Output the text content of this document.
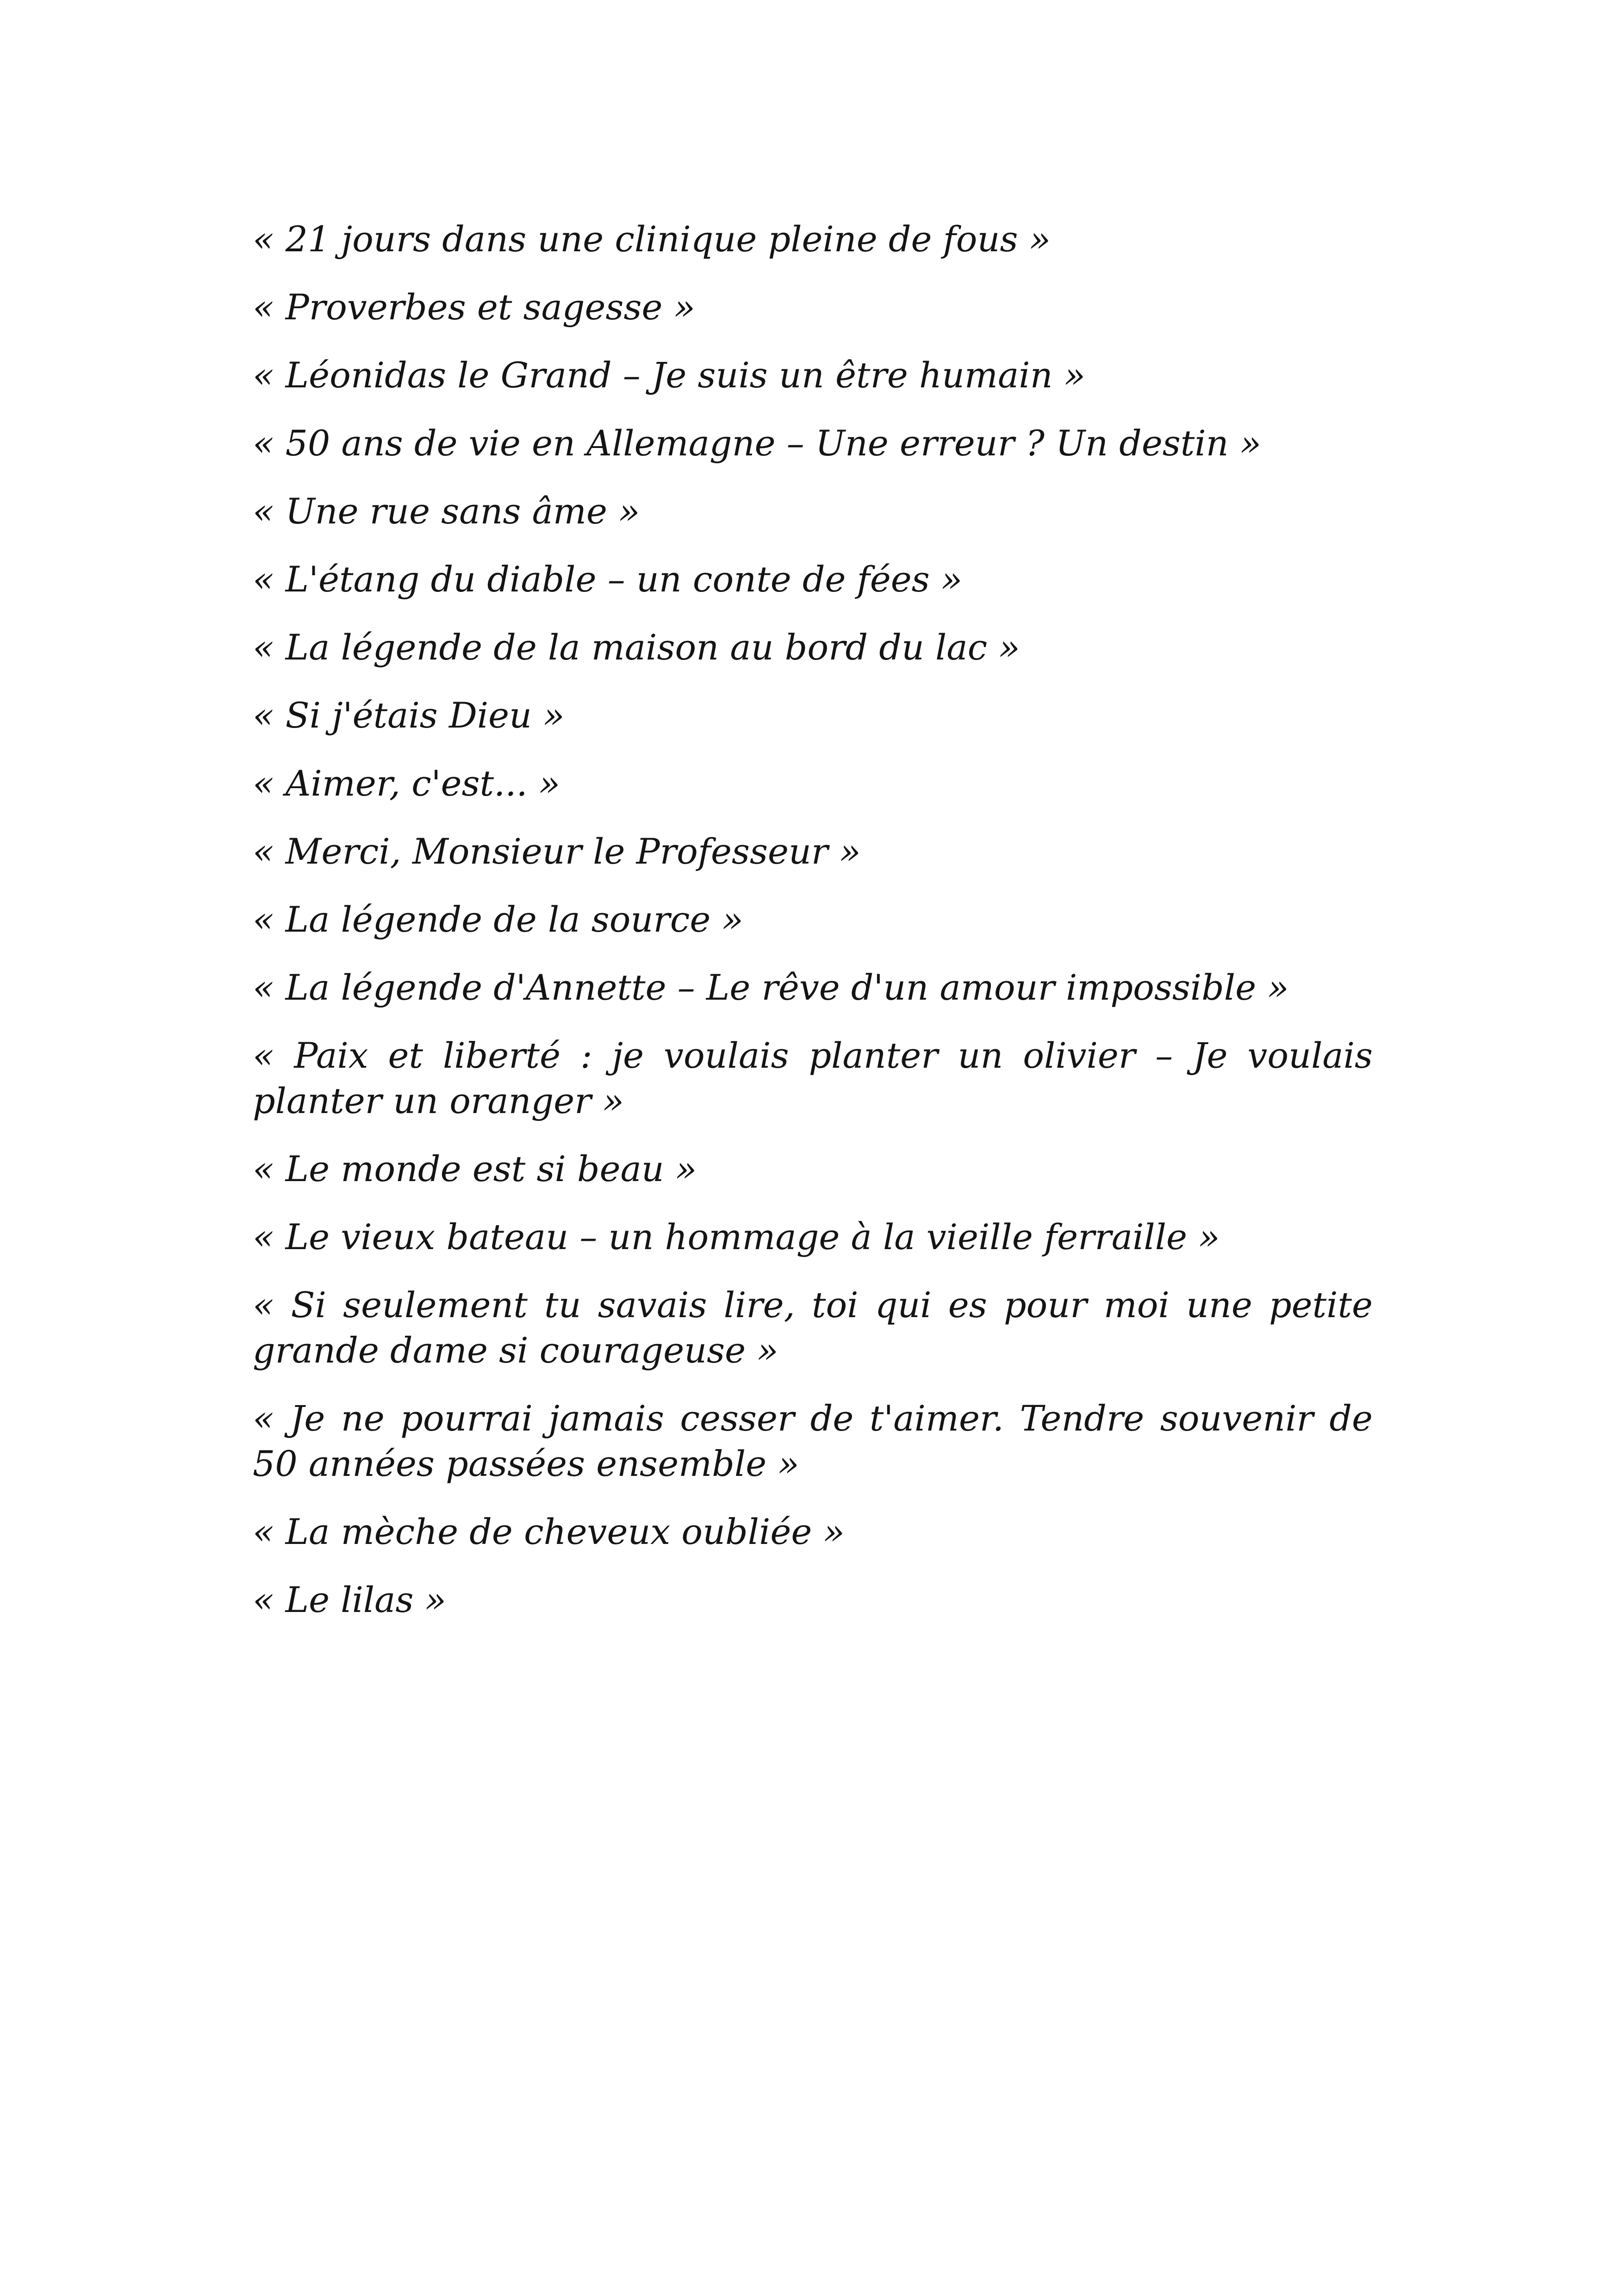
« 21 jours dans une clinique pleine de fous »
« Proverbes et sagesse »
« Léonidas le Grand – Je suis un être humain »
« 50 ans de vie en Allemagne – Une erreur ? Un destin »
« Une rue sans âme »
« L'étang du diable – un conte de fées »
« La légende de la maison au bord du lac »
« Si j'étais Dieu »
« Aimer, c'est... »
« Merci, Monsieur le Professeur »
« La légende de la source »
« La légende d'Annette – Le rêve d'un amour impossible »
« Paix et liberté : je voulais planter un olivier – Je voulais planter un oranger »
« Le monde est si beau »
« Le vieux bateau – un hommage à la vieille ferraille »
« Si seulement tu savais lire, toi qui es pour moi une petite grande dame si courageuse »
« Je ne pourrai jamais cesser de t'aimer. Tendre souvenir de 50 années passées ensemble »
« La mèche de cheveux oubliée »
« Le lilas »
